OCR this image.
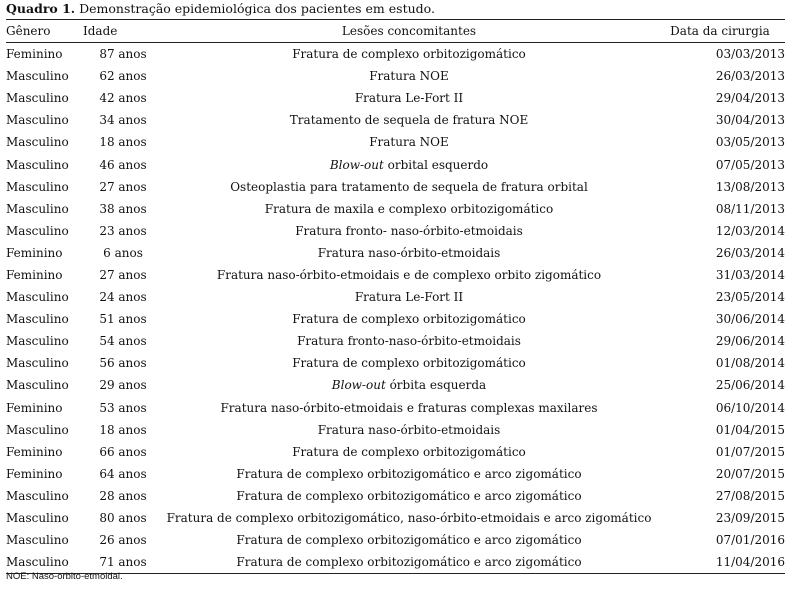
Quadro 1. Demonstração epidemiológica dos pacientes em estudo.
Gênero	Idade	Lesões concomitantes	Data da cirurgia
Feminino	87 anos	Fratura de complexo orbitozigomático	03/03/2013
Masculino	62 anos	Fratura NOE	26/03/2013
Masculino	42 anos	Fratura Le-Fort II	29/04/2013
Masculino	34 anos	Tratamento de sequela de fratura NOE	30/04/2013
Masculino	18 anos	Fratura NOE	03/05/2013
Masculino	46 anos	Blow-out orbital esquerdo	07/05/2013
Masculino	27 anos	Osteoplastia para tratamento de sequela de fratura orbital	13/08/2013
Masculino	38 anos	Fratura de maxila e complexo orbitozigomático	08/11/2013
Masculino	23 anos	Fratura fronto- naso-órbito-etmoidais	12/03/2014
Feminino	6 anos	Fratura naso-órbito-etmoidais	26/03/2014
Feminino	27 anos	Fratura naso-órbito-etmoidais e de complexo orbito zigomático	31/03/2014
Masculino	24 anos	Fratura Le-Fort II	23/05/2014
Masculino	51 anos	Fratura de complexo orbitozigomático	30/06/2014
Masculino	54 anos	Fratura fronto-naso-órbito-etmoidais	29/06/2014
Masculino	56 anos	Fratura de complexo orbitozigomático	01/08/2014
Masculino	29 anos	Blow-out órbita esquerda	25/06/2014
Feminino	53 anos	Fratura naso-órbito-etmoidais e fraturas complexas maxilares	06/10/2014
Masculino	18 anos	Fratura naso-órbito-etmoidais	01/04/2015
Feminino	66 anos	Fratura de complexo orbitozigomático	01/07/2015
Feminino	64 anos	Fratura de complexo orbitozigomático e arco zigomático	20/07/2015
Masculino	28 anos	Fratura de complexo orbitozigomático e arco zigomático	27/08/2015
Masculino	80 anos	Fratura de complexo orbitozigomático, naso-órbito-etmoidais e arco zigomático	23/09/2015
Masculino	26 anos	Fratura de complexo orbitozigomático e arco zigomático	07/01/2016
Masculino	71 anos	Fratura de complexo orbitozigomático e arco zigomático	11/04/2016
NOE: Naso-orbito-etmoidal.
